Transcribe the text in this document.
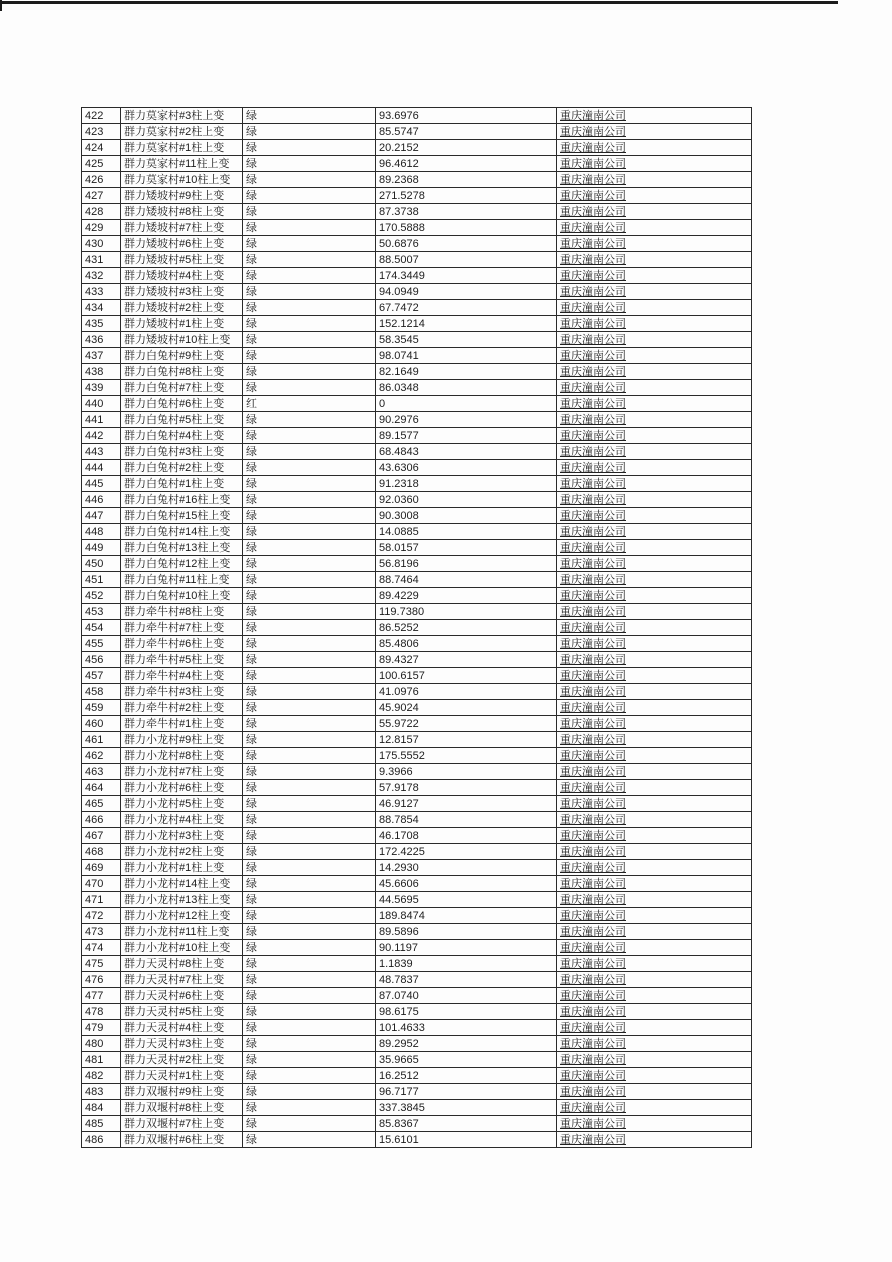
422	群力莫家村#3柱上变	绿	93.6976	重庆潼南公司
423	群力莫家村#2柱上变	绿	85.5747	重庆潼南公司
424	群力莫家村#1柱上变	绿	20.2152	重庆潼南公司
425	群力莫家村#11柱上变	绿	96.4612	重庆潼南公司
426	群力莫家村#10柱上变	绿	89.2368	重庆潼南公司
427	群力矮坡村#9柱上变	绿	271.5278	重庆潼南公司
428	群力矮坡村#8柱上变	绿	87.3738	重庆潼南公司
429	群力矮坡村#7柱上变	绿	170.5888	重庆潼南公司
430	群力矮坡村#6柱上变	绿	50.6876	重庆潼南公司
431	群力矮坡村#5柱上变	绿	88.5007	重庆潼南公司
432	群力矮坡村#4柱上变	绿	174.3449	重庆潼南公司
433	群力矮坡村#3柱上变	绿	94.0949	重庆潼南公司
434	群力矮坡村#2柱上变	绿	67.7472	重庆潼南公司
435	群力矮坡村#1柱上变	绿	152.1214	重庆潼南公司
436	群力矮坡村#10柱上变	绿	58.3545	重庆潼南公司
437	群力白兔村#9柱上变	绿	98.0741	重庆潼南公司
438	群力白兔村#8柱上变	绿	82.1649	重庆潼南公司
439	群力白兔村#7柱上变	绿	86.0348	重庆潼南公司
440	群力白兔村#6柱上变	红	0	重庆潼南公司
441	群力白兔村#5柱上变	绿	90.2976	重庆潼南公司
442	群力白兔村#4柱上变	绿	89.1577	重庆潼南公司
443	群力白兔村#3柱上变	绿	68.4843	重庆潼南公司
444	群力白兔村#2柱上变	绿	43.6306	重庆潼南公司
445	群力白兔村#1柱上变	绿	91.2318	重庆潼南公司
446	群力白兔村#16柱上变	绿	92.0360	重庆潼南公司
447	群力白兔村#15柱上变	绿	90.3008	重庆潼南公司
448	群力白兔村#14柱上变	绿	14.0885	重庆潼南公司
449	群力白兔村#13柱上变	绿	58.0157	重庆潼南公司
450	群力白兔村#12柱上变	绿	56.8196	重庆潼南公司
451	群力白兔村#11柱上变	绿	88.7464	重庆潼南公司
452	群力白兔村#10柱上变	绿	89.4229	重庆潼南公司
453	群力牵牛村#8柱上变	绿	119.7380	重庆潼南公司
454	群力牵牛村#7柱上变	绿	86.5252	重庆潼南公司
455	群力牵牛村#6柱上变	绿	85.4806	重庆潼南公司
456	群力牵牛村#5柱上变	绿	89.4327	重庆潼南公司
457	群力牵牛村#4柱上变	绿	100.6157	重庆潼南公司
458	群力牵牛村#3柱上变	绿	41.0976	重庆潼南公司
459	群力牵牛村#2柱上变	绿	45.9024	重庆潼南公司
460	群力牵牛村#1柱上变	绿	55.9722	重庆潼南公司
461	群力小龙村#9柱上变	绿	12.8157	重庆潼南公司
462	群力小龙村#8柱上变	绿	175.5552	重庆潼南公司
463	群力小龙村#7柱上变	绿	9.3966	重庆潼南公司
464	群力小龙村#6柱上变	绿	57.9178	重庆潼南公司
465	群力小龙村#5柱上变	绿	46.9127	重庆潼南公司
466	群力小龙村#4柱上变	绿	88.7854	重庆潼南公司
467	群力小龙村#3柱上变	绿	46.1708	重庆潼南公司
468	群力小龙村#2柱上变	绿	172.4225	重庆潼南公司
469	群力小龙村#1柱上变	绿	14.2930	重庆潼南公司
470	群力小龙村#14柱上变	绿	45.6606	重庆潼南公司
471	群力小龙村#13柱上变	绿	44.5695	重庆潼南公司
472	群力小龙村#12柱上变	绿	189.8474	重庆潼南公司
473	群力小龙村#11柱上变	绿	89.5896	重庆潼南公司
474	群力小龙村#10柱上变	绿	90.1197	重庆潼南公司
475	群力天灵村#8柱上变	绿	1.1839	重庆潼南公司
476	群力天灵村#7柱上变	绿	48.7837	重庆潼南公司
477	群力天灵村#6柱上变	绿	87.0740	重庆潼南公司
478	群力天灵村#5柱上变	绿	98.6175	重庆潼南公司
479	群力天灵村#4柱上变	绿	101.4633	重庆潼南公司
480	群力天灵村#3柱上变	绿	89.2952	重庆潼南公司
481	群力天灵村#2柱上变	绿	35.9665	重庆潼南公司
482	群力天灵村#1柱上变	绿	16.2512	重庆潼南公司
483	群力双堰村#9柱上变	绿	96.7177	重庆潼南公司
484	群力双堰村#8柱上变	绿	337.3845	重庆潼南公司
485	群力双堰村#7柱上变	绿	85.8367	重庆潼南公司
486	群力双堰村#6柱上变	绿	15.6101	重庆潼南公司
